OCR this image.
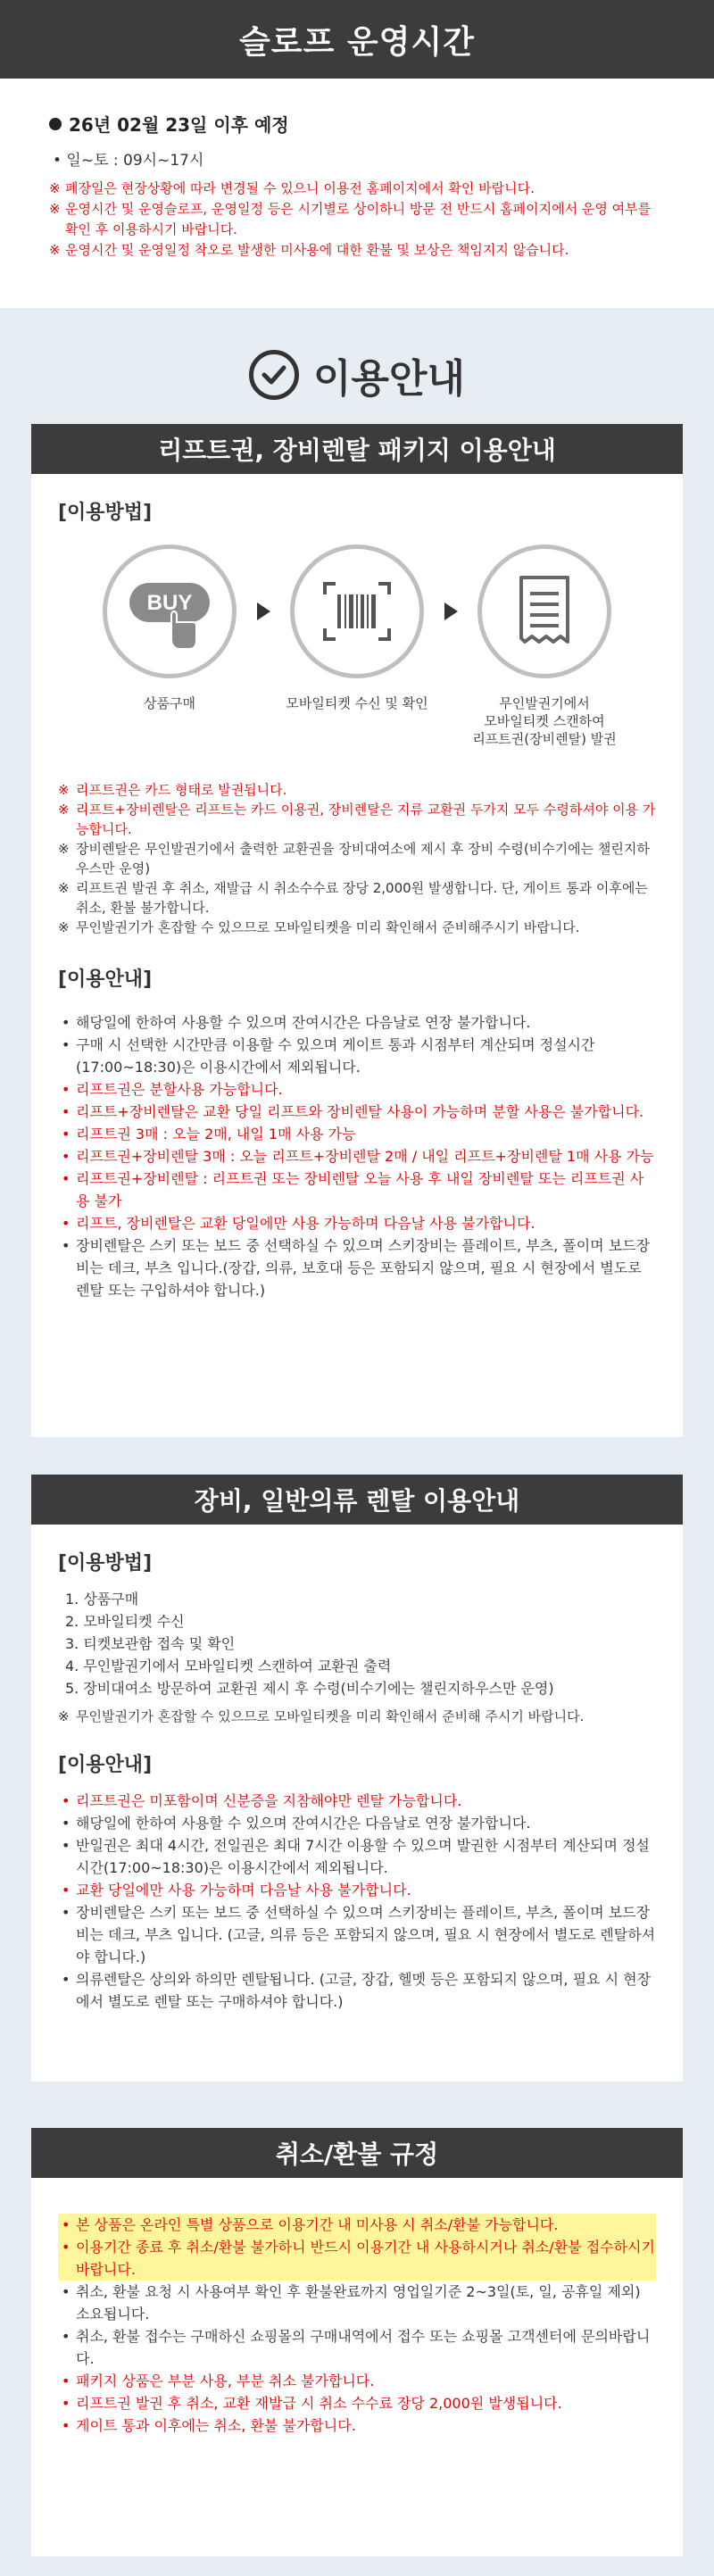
슬로프 운영시간
26년 02월 23일 이후 예정
• 일~토 : 09시~17시
※ 폐장일은 현장상황에 따라 변경될 수 있으니 이용전 홈페이지에서 확인 바랍니다.
※ 운영시간 및 운영슬로프, 운영일정 등은 시기별로 상이하니 방문 전 반드시 홈페이지에서 운영 여부를 확인 후 이용하시기 바랍니다.
※ 운영시간 및 운영일정 착오로 발생한 미사용에 대한 환불 및 보상은 책임지지 않습니다.
이용안내
리프트권, 장비렌탈 패키지 이용안내
[이용방법]
BUY
상품구매	모바일티켓 수신 및 확인	무인발권기에서
모바일티켓 스캔하여
리프트권(장비렌탈) 발권
※ 리프트권은 카드 형태로 발권됩니다.
※ 리프트+장비렌탈은 리프트는 카드 이용권, 장비렌탈은 지류 교환권 두가지 모두 수령하셔야 이용 가능합니다.
※ 장비렌탈은 무인발권기에서 출력한 교환권을 장비대여소에 제시 후 장비 수령(비수기에는 챌린지하우스만 운영)
※ 리프트권 발권 후 취소, 재발급 시 취소수수료 장당 2,000원 발생합니다. 단, 게이트 통과 이후에는 취소, 환불 불가합니다.
※ 무인발권기가 혼잡할 수 있으므로 모바일티켓을 미리 확인해서 준비해주시기 바랍니다.
[이용안내]
• 해당일에 한하여 사용할 수 있으며 잔여시간은 다음날로 연장 불가합니다.
• 구매 시 선택한 시간만큼 이용할 수 있으며 게이트 통과 시점부터 계산되며 정설시간(17:00~18:30)은 이용시간에서 제외됩니다.
• 리프트권은 분할사용 가능합니다.
• 리프트+장비렌탈은 교환 당일 리프트와 장비렌탈 사용이 가능하며 분할 사용은 불가합니다.
• 리프트권 3매 : 오늘 2매, 내일 1매 사용 가능
• 리프트권+장비렌탈 3매 : 오늘 리프트+장비렌탈 2매 / 내일 리프트+장비렌탈 1매 사용 가능
• 리프트권+장비렌탈 : 리프트권 또는 장비렌탈 오늘 사용 후 내일 장비렌탈 또는 리프트권 사용 불가
• 리프트, 장비렌탈은 교환 당일에만 사용 가능하며 다음날 사용 불가합니다.
• 장비렌탈은 스키 또는 보드 중 선택하실 수 있으며 스키장비는 플레이트, 부츠, 폴이며 보드장비는 데크, 부츠 입니다.(장갑, 의류, 보호대 등은 포함되지 않으며, 필요 시 현장에서 별도로 렌탈 또는 구입하셔야 합니다.)
장비, 일반의류 렌탈 이용안내
[이용방법]
1. 상품구매
2. 모바일티켓 수신
3. 티켓보관함 접속 및 확인
4. 무인발권기에서 모바일티켓 스캔하여 교환권 출력
5. 장비대여소 방문하여 교환권 제시 후 수령(비수기에는 챌린지하우스만 운영)
※ 무인발권기가 혼잡할 수 있으므로 모바일티켓을 미리 확인해서 준비해 주시기 바랍니다.
[이용안내]
• 리프트권은 미포함이며 신분증을 지참해야만 렌탈 가능합니다.
• 해당일에 한하여 사용할 수 있으며 잔여시간은 다음날로 연장 불가합니다.
• 반일권은 최대 4시간, 전일권은 최대 7시간 이용할 수 있으며 발권한 시점부터 계산되며 정설시간(17:00~18:30)은 이용시간에서 제외됩니다.
• 교환 당일에만 사용 가능하며 다음날 사용 불가합니다.
• 장비렌탈은 스키 또는 보드 중 선택하실 수 있으며 스키장비는 플레이트, 부츠, 폴이며 보드장비는 데크, 부츠 입니다. (고글, 의류 등은 포함되지 않으며, 필요 시 현장에서 별도로 렌탈하셔야 합니다.)
• 의류렌탈은 상의와 하의만 렌탈됩니다. (고글, 장갑, 헬멧 등은 포함되지 않으며, 필요 시 현장에서 별도로 렌탈 또는 구매하셔야 합니다.)
취소/환불 규정
• 본 상품은 온라인 특별 상품으로 이용기간 내 미사용 시 취소/환불 가능합니다.
• 이용기간 종료 후 취소/환불 불가하니 반드시 이용기간 내 사용하시거나 취소/환불 접수하시기 바랍니다.
• 취소, 환불 요청 시 사용여부 확인 후 환불완료까지 영업일기준 2~3일(토, 일, 공휴일 제외) 소요됩니다.
• 취소, 환불 접수는 구매하신 쇼핑몰의 구매내역에서 접수 또는 쇼핑몰 고객센터에 문의바랍니다.
• 패키지 상품은 부분 사용, 부분 취소 불가합니다.
• 리프트권 발권 후 취소, 교환 재발급 시 취소 수수료 장당 2,000원 발생됩니다.
• 게이트 통과 이후에는 취소, 환불 불가합니다.
